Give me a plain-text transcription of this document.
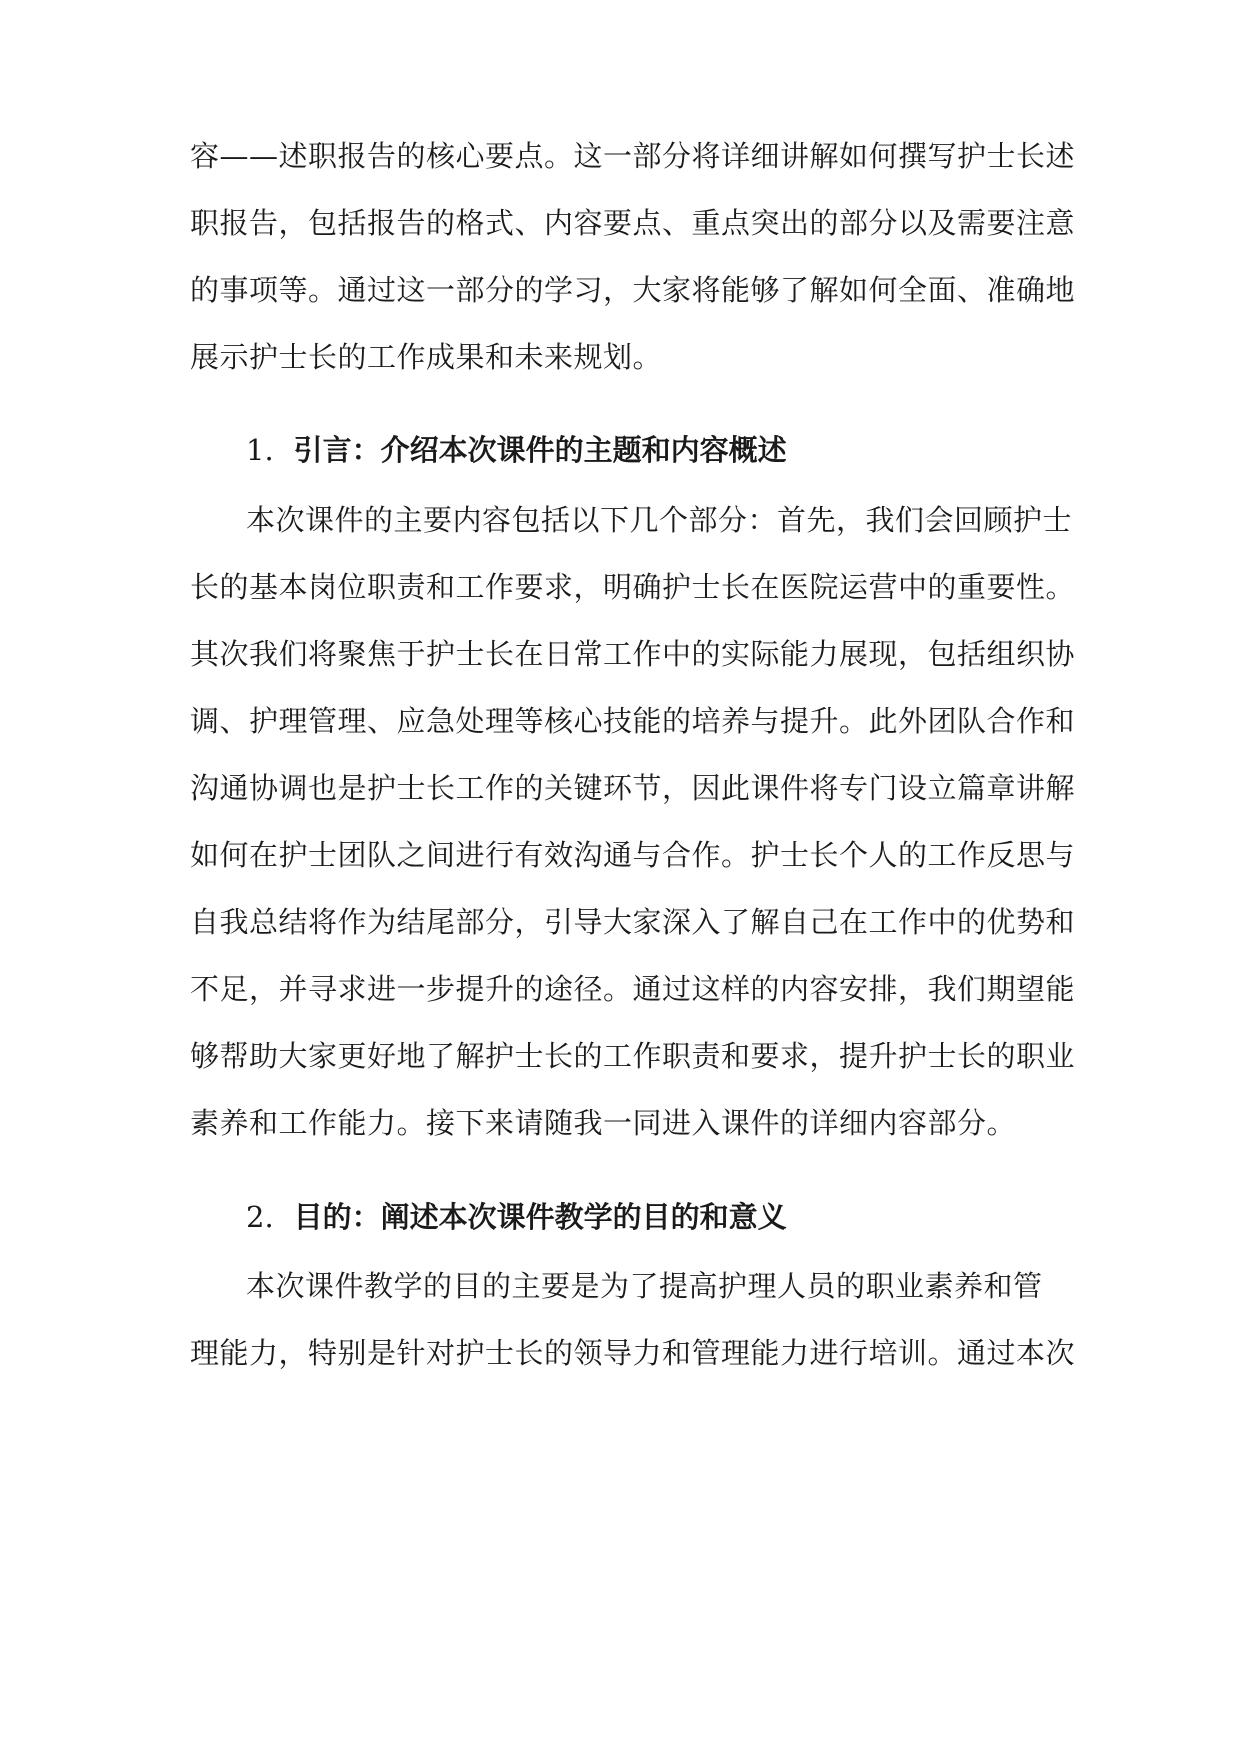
容——述职报告的核心要点。这一部分将详细讲解如何撰写护士长述
职报告，包括报告的格式、内容要点、重点突出的部分以及需要注意
的事项等。通过这一部分的学习，大家将能够了解如何全面、准确地
展示护士长的工作成果和未来规划。
1. 引言：介绍本次课件的主题和内容概述
本次课件的主要内容包括以下几个部分：首先，我们会回顾护士
长的基本岗位职责和工作要求，明确护士长在医院运营中的重要性。
其次我们将聚焦于护士长在日常工作中的实际能力展现，包括组织协
调、护理管理、应急处理等核心技能的培养与提升。此外团队合作和
沟通协调也是护士长工作的关键环节，因此课件将专门设立篇章讲解
如何在护士团队之间进行有效沟通与合作。护士长个人的工作反思与
自我总结将作为结尾部分，引导大家深入了解自己在工作中的优势和
不足，并寻求进一步提升的途径。通过这样的内容安排，我们期望能
够帮助大家更好地了解护士长的工作职责和要求，提升护士长的职业
素养和工作能力。接下来请随我一同进入课件的详细内容部分。
2. 目的：阐述本次课件教学的目的和意义
本次课件教学的目的主要是为了提高护理人员的职业素养和管
理能力，特别是针对护士长的领导力和管理能力进行培训。通过本次
